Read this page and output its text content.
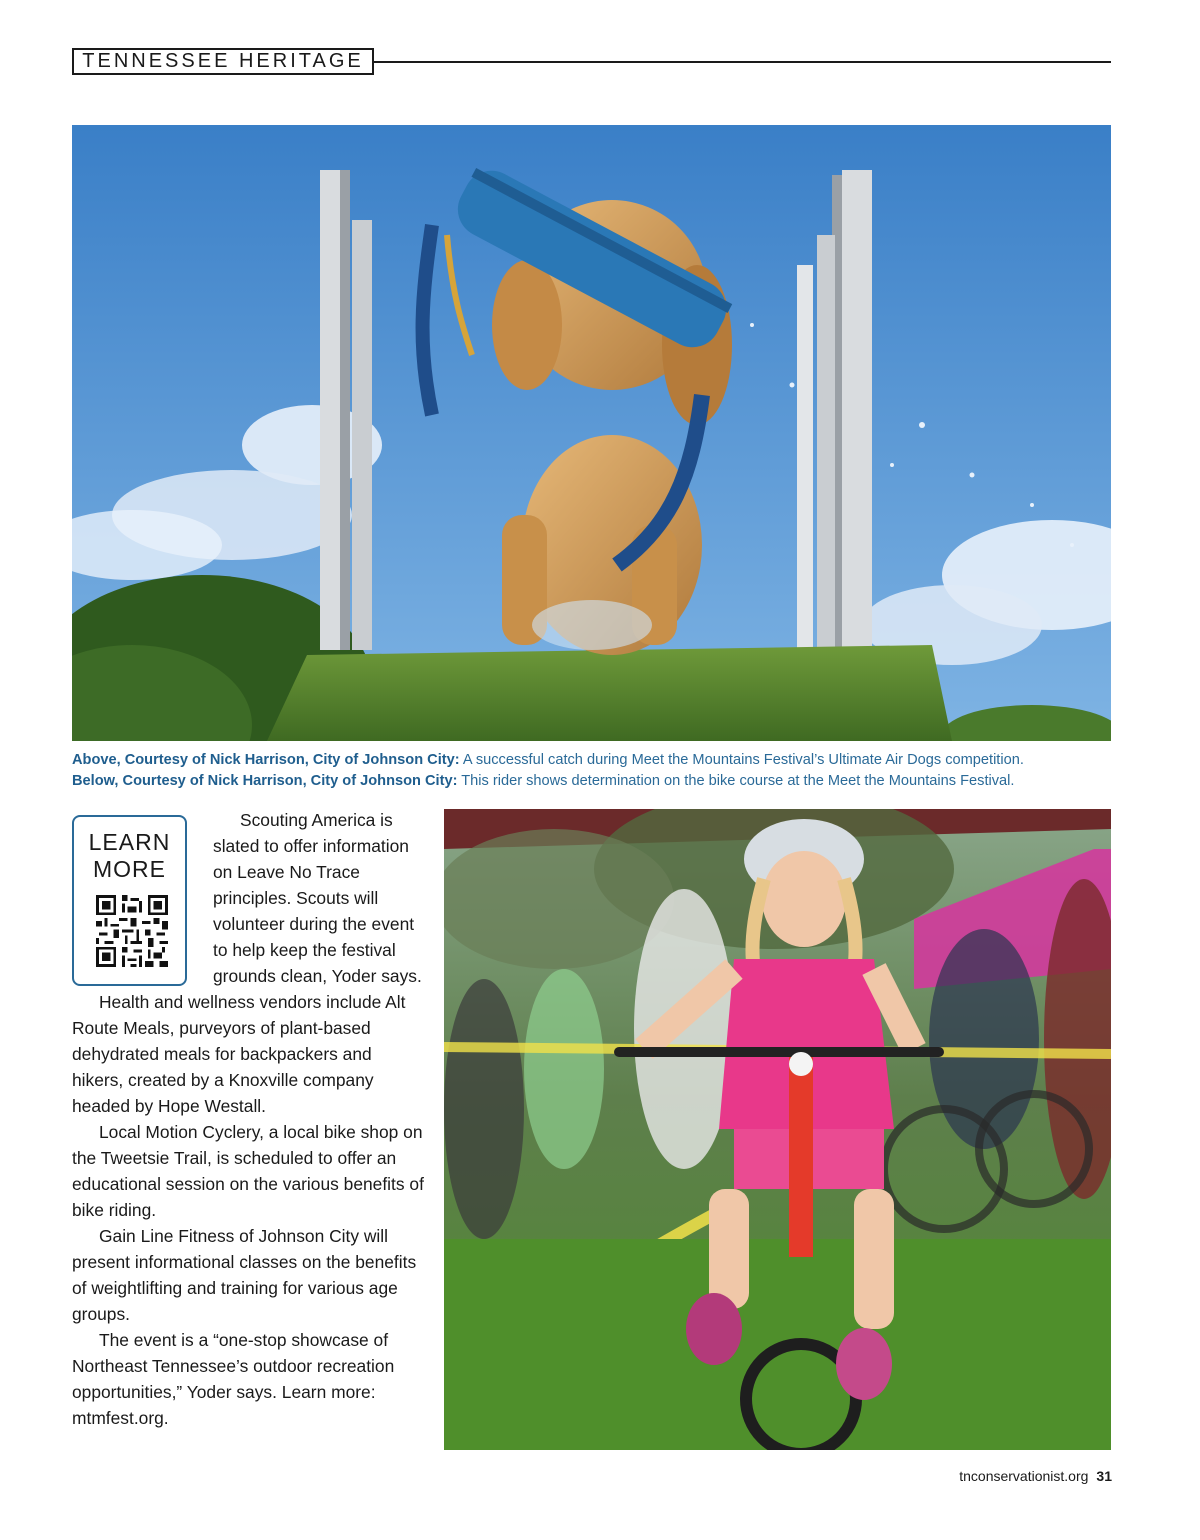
TENNESSEE HERITAGE
Above, Courtesy of Nick Harrison, City of Johnson City: A successful catch during Meet the Mountains Festival’s Ultimate Air Dogs competition.
Below, Courtesy of Nick Harrison, City of Johnson City: This rider shows determination on the bike course at the Meet the Mountains Festival.
LEARN
MORE

Scouting America is slated to offer information on Leave No Trace principles. Scouts will volunteer during the event to help keep the festival grounds clean, Yoder says.

Health and wellness vendors include Alt Route Meals, purveyors of plant-based dehydrated meals for backpackers and hikers, created by a Knoxville company headed by Hope Westall.

Local Motion Cyclery, a local bike shop on the Tweetsie Trail, is scheduled to offer an educational session on the various benefits of bike riding.

Gain Line Fitness of Johnson City will present informational classes on the benefits of weightlifting and training for various age groups.

The event is a “one-stop showcase of Northeast Tennessee’s outdoor recreation opportunities,” Yoder says. Learn more: mtmfest.org.

tnconservationist.org 31
